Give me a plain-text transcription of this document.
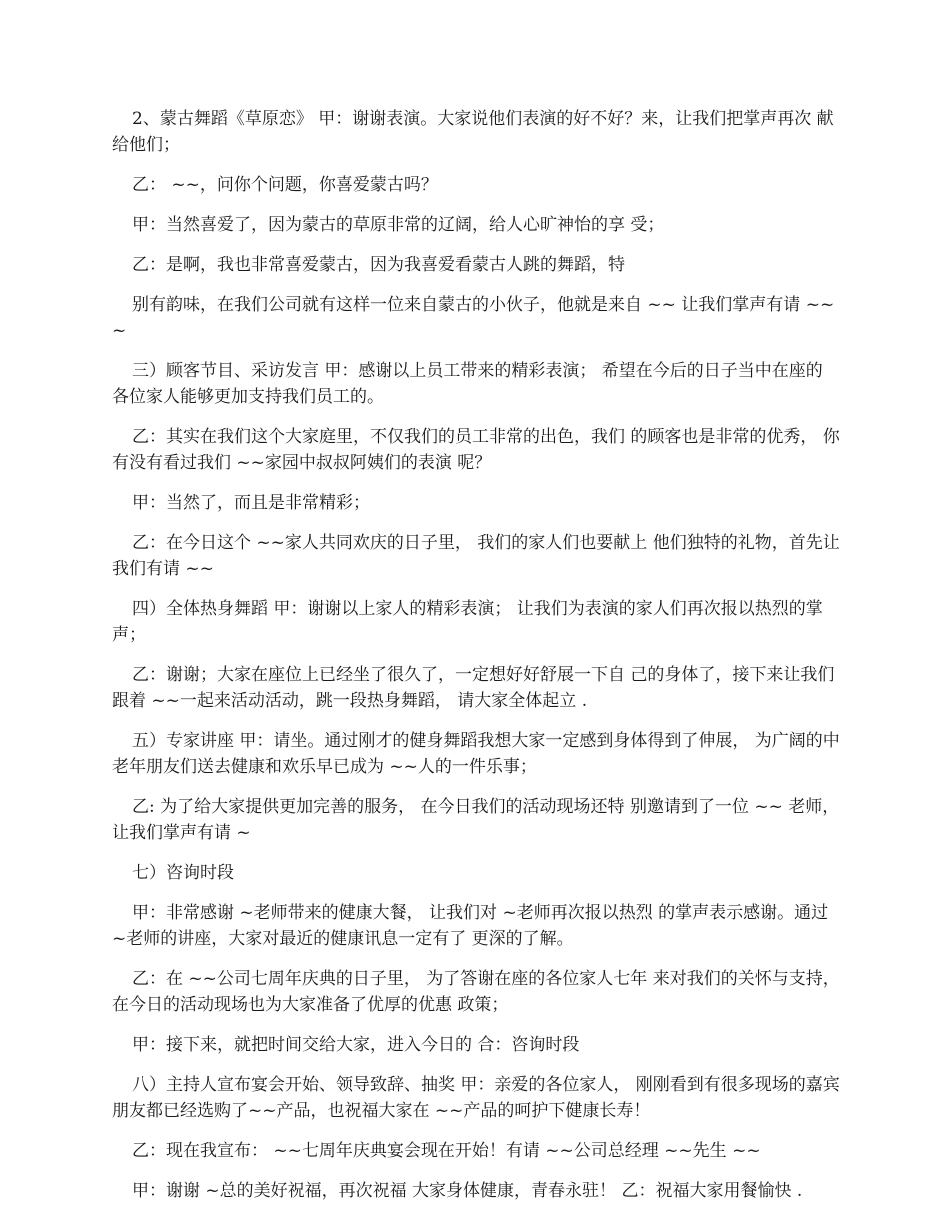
2、蒙古舞蹈《草原恋》 甲：谢谢表演。大家说他们表演的好不好？来，让我们把掌声再次 献给他们；

乙： ~~，问你个问题，你喜爱蒙古吗？

甲：当然喜爱了，因为蒙古的草原非常的辽阔，给人心旷神怡的享 受；

乙：是啊，我也非常喜爱蒙古，因为我喜爱看蒙古人跳的舞蹈，特

别有韵味，在我们公司就有这样一位来自蒙古的小伙子，他就是来自 ~~ 让我们掌声有请 ~~~

三）顾客节目、采访发言 甲：感谢以上员工带来的精彩表演； 希望在今后的日子当中在座的 各位家人能够更加支持我们员工的。

乙：其实在我们这个大家庭里，不仅我们的员工非常的出色，我们 的顾客也是非常的优秀， 你有没有看过我们 ~~家园中叔叔阿姨们的表演 呢？

甲：当然了，而且是非常精彩；

乙：在今日这个 ~~家人共同欢庆的日子里， 我们的家人们也要献上 他们独特的礼物，首先让我们有请 ~~

四）全体热身舞蹈 甲：谢谢以上家人的精彩表演； 让我们为表演的家人们再次报以热烈的掌声；

乙：谢谢；大家在座位上已经坐了很久了，一定想好好舒展一下自 己的身体了，接下来让我们跟着 ~~一起来活动活动，跳一段热身舞蹈， 请大家全体起立 .

五）专家讲座 甲：请坐。通过刚才的健身舞蹈我想大家一定感到身体得到了伸展， 为广阔的中老年朋友们送去健康和欢乐早已成为 ~~人的一件乐事；

乙: 为了给大家提供更加完善的服务， 在今日我们的活动现场还特 别邀请到了一位 ~~ 老师，让我们掌声有请 ~

七）咨询时段

甲：非常感谢 ~老师带来的健康大餐， 让我们对 ~老师再次报以热烈 的掌声表示感谢。通过 ~老师的讲座，大家对最近的健康讯息一定有了 更深的了解。

乙：在 ~~公司七周年庆典的日子里， 为了答谢在座的各位家人七年 来对我们的关怀与支持， 在今日的活动现场也为大家准备了优厚的优惠 政策；

甲：接下来，就把时间交给大家，进入今日的 合：咨询时段

八）主持人宣布宴会开始、领导致辞、抽奖 甲：亲爱的各位家人， 刚刚看到有很多现场的嘉宾朋友都已经选购了~~产品，也祝福大家在 ~~产品的呵护下健康长寿！

乙：现在我宣布： ~~七周年庆典宴会现在开始！有请 ~~公司总经理 ~~先生 ~~

甲：谢谢 ~总的美好祝福，再次祝福 大家身体健康，青春永驻！ 乙：祝福大家用餐愉快 .
